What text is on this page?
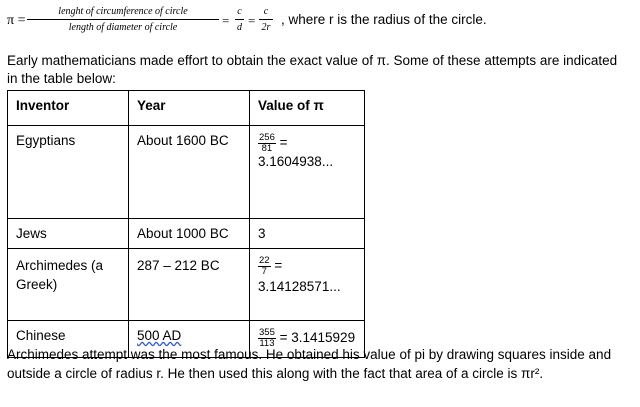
π =
lenght of circumference of circle
length of diameter of circle	=
c
d =
c
2r
, where r is the radius of the circle.

Early mathematicians made effort to obtain the exact value of π. Some of these attempts are indicated in the table below:

Inventor	Year	Value of π
Egyptians	About 1600 BC	$\frac{256}{81}$ =
3.1604938...
Jews	About 1000 BC	3
Archimedes (a Greek)	287 – 212 BC	$\frac{22}{7}$ =
3.14128571...
Chinese	500 AD	$\frac{355}{113} = 3.1415929$

Archimedes attempt was the most famous. He obtained his value of pi by drawing squares inside and outside a circle of radius r. He then used this along with the fact that area of a circle is πr².
